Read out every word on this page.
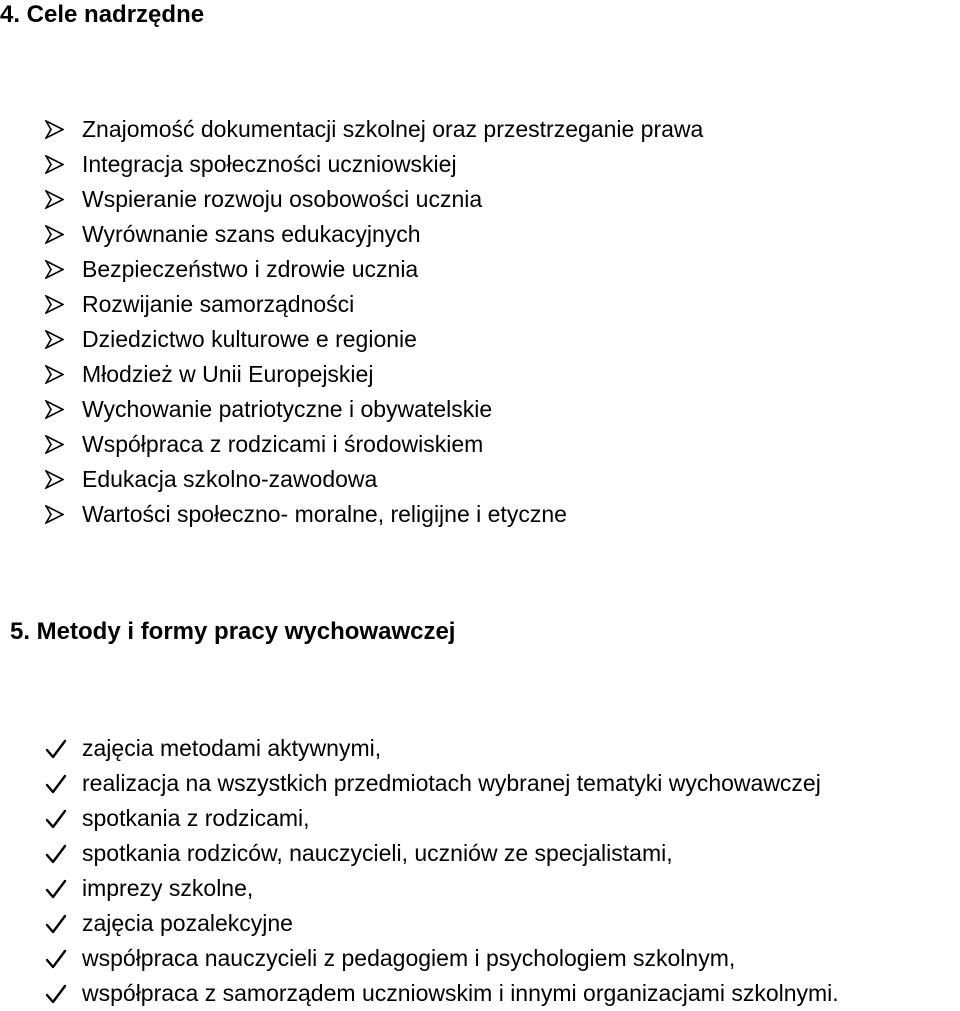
4. Cele nadrzędne
Znajomość dokumentacji szkolnej oraz przestrzeganie prawa
Integracja społeczności uczniowskiej
Wspieranie rozwoju osobowości ucznia
Wyrównanie szans edukacyjnych
Bezpieczeństwo i zdrowie ucznia
Rozwijanie samorządności
Dziedzictwo kulturowe e regionie
Młodzież w Unii Europejskiej
Wychowanie patriotyczne i obywatelskie
Współpraca z rodzicami i środowiskiem
Edukacja szkolno-zawodowa
Wartości społeczno- moralne, religijne i etyczne
5. Metody i formy pracy wychowawczej
zajęcia metodami aktywnymi,
realizacja na wszystkich przedmiotach wybranej tematyki wychowawczej
spotkania z rodzicami,
spotkania rodziców, nauczycieli, uczniów ze specjalistami,
imprezy szkolne,
zajęcia pozalekcyjne
współpraca nauczycieli z pedagogiem i psychologiem szkolnym,
współpraca z samorządem uczniowskim i innymi organizacjami szkolnymi.
